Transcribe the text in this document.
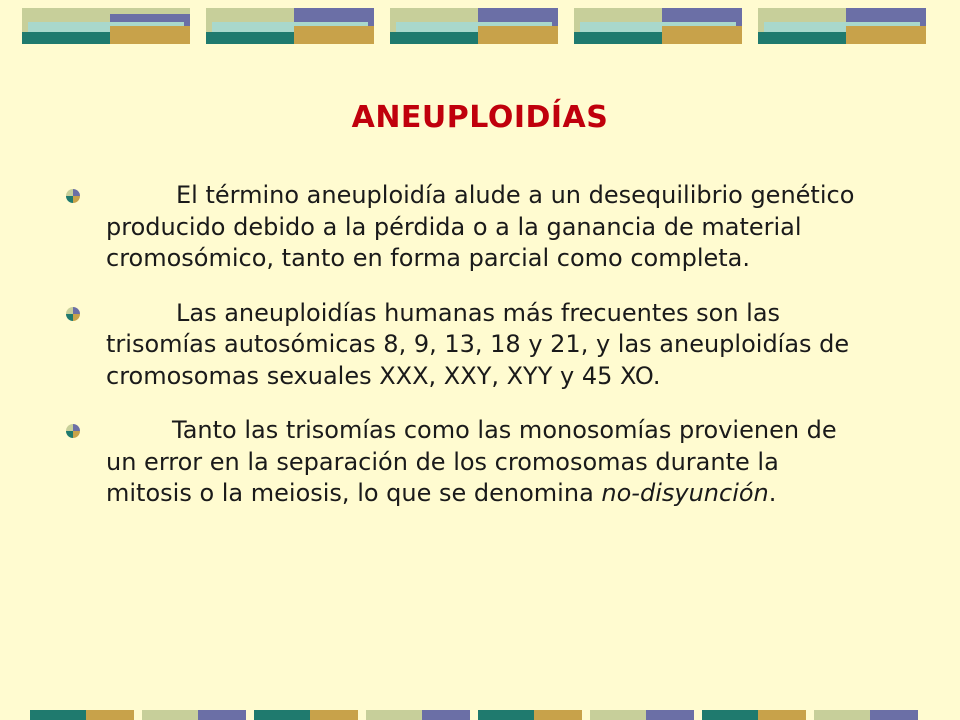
ANEUPLOIDÍAS
El término aneuploidía alude a un desequilibrio genético producido debido a la pérdida o a la ganancia de material cromosómico, tanto en forma parcial como completa.
Las aneuploidías humanas más frecuentes son las trisomías autosómicas 8, 9, 13, 18 y 21, y las aneuploidías de cromosomas sexuales XXX, XXY, XYY y 45 XO.
Tanto las trisomías como las monosomías provienen de un error en la separación de los cromosomas durante la mitosis o la meiosis, lo que se denomina no-disyunción.
